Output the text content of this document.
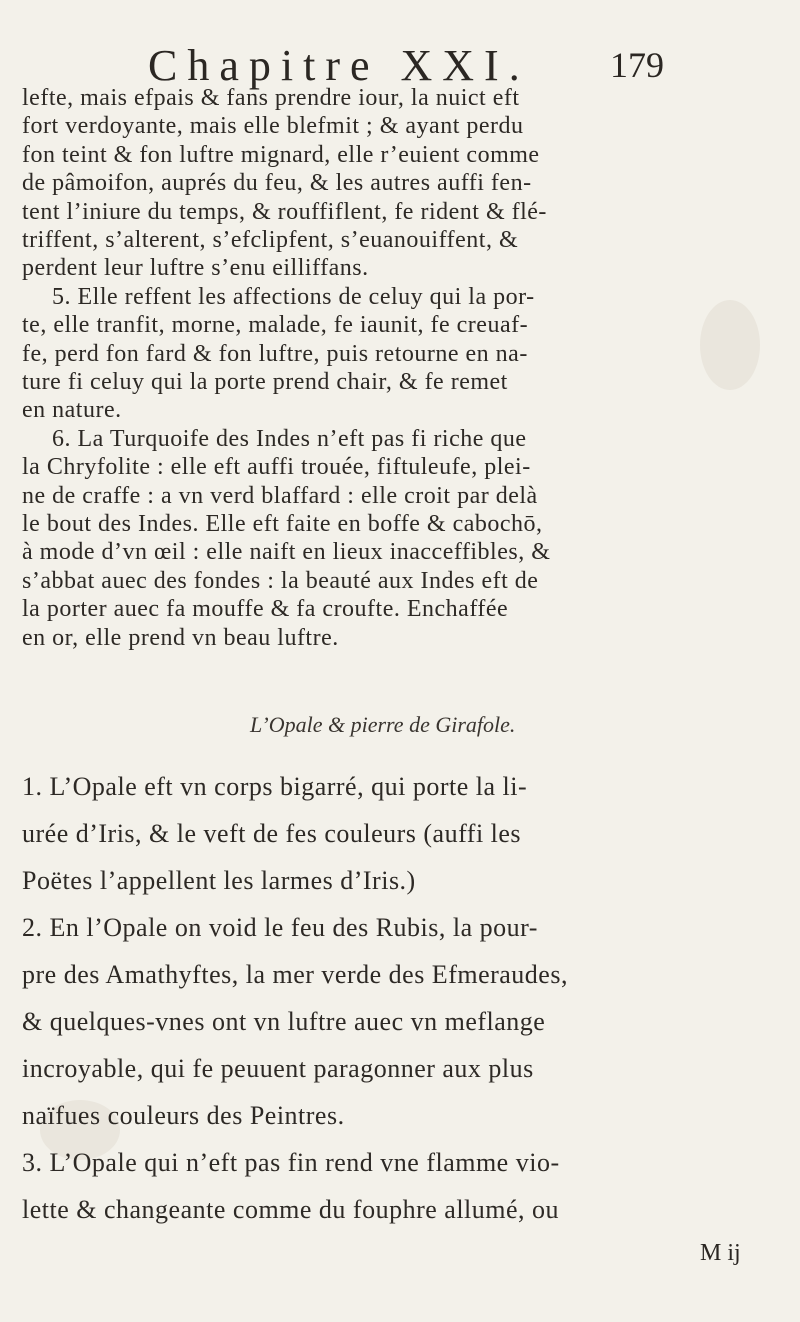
Chapitre XXI. 179
lefte, mais efpais & fans prendre iour, la nuict eft
fort verdoyante, mais elle blefmit ; & ayant perdu
fon teint & fon luftre mignard, elle r’euient comme
de pâmoifon, auprés du feu, & les autres auffi fen-
tent l’iniure du temps, & rouffiflent, fe rident & flé-
triffent, s’alterent, s’efclipfent, s’euanouiffent, &
perdent leur luftre s’enu eilliffans.
5. Elle reffent les affections de celuy qui la por-
te, elle tranfit, morne, malade, fe iaunit, fe creuaf-
fe, perd fon fard & fon luftre, puis retourne en na-
ture fi celuy qui la porte prend chair, & fe remet
en nature.
6. La Turquoife des Indes n’eft pas fi riche que
la Chryfolite : elle eft auffi trouée, fiftuleufe, plei-
ne de craffe : a vn verd blaffard : elle croit par delà
le bout des Indes. Elle eft faite en boffe & cabochō,
à mode d’vn œil : elle naift en lieux inacceffibles, &
s’abbat auec des fondes : la beauté aux Indes eft de
la porter auec fa mouffe & fa croufte. Enchaffée
en or, elle prend vn beau luftre.
L’Opale & pierre de Girafole.
1. L’Opale eft vn corps bigarré, qui porte la li-
urée d’Iris, & le veft de fes couleurs (auffi les
Poëtes l’appellent les larmes d’Iris.)
2. En l’Opale on void le feu des Rubis, la pour-
pre des Amathyftes, la mer verde des Efmeraudes,
& quelques-vnes ont vn luftre auec vn meflange
incroyable, qui fe peuuent paragonner aux plus
naïfues couleurs des Peintres.
3. L’Opale qui n’eft pas fin rend vne flamme vio-
lette & changeante comme du fouphre allumé, ou
M ij
